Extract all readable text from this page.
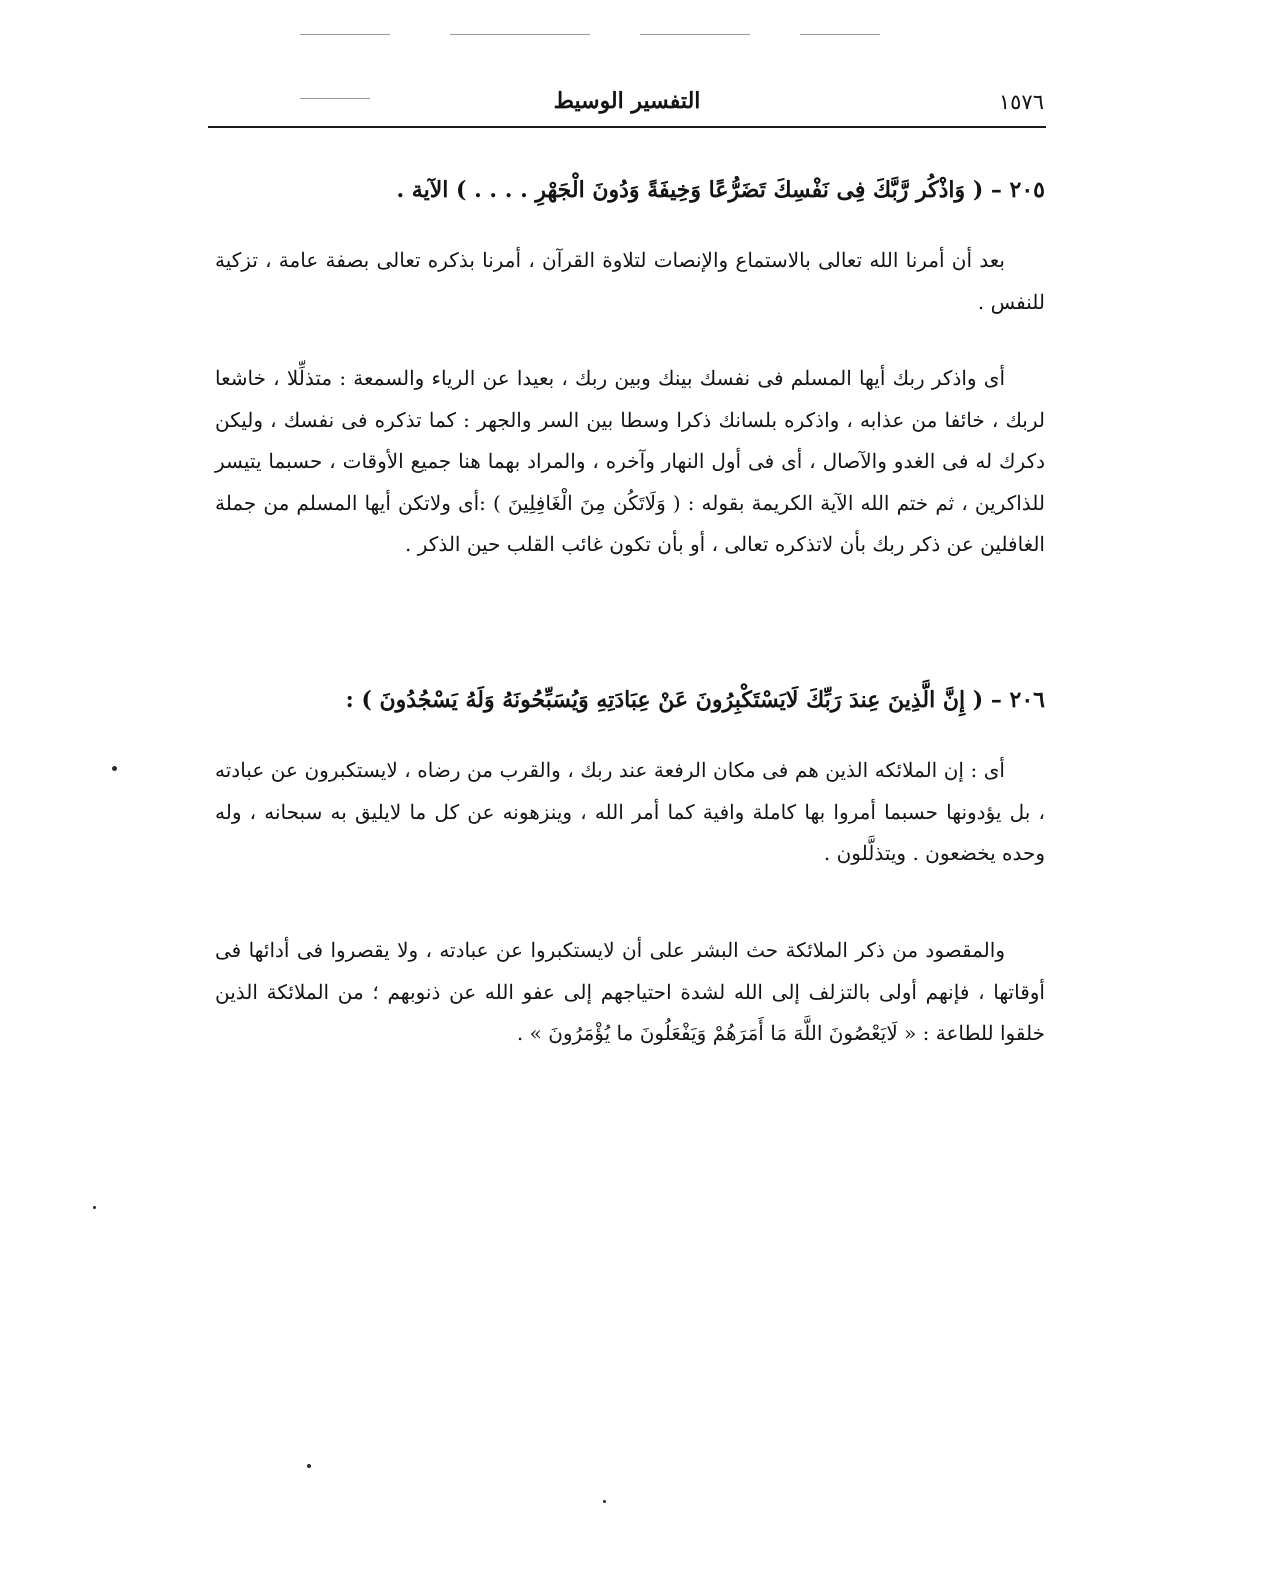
١٥٧٦
التفسير الوسيط
٢٠٥ – ( وَاذْكُر رَّبَّكَ فِى نَفْسِكَ تَضَرُّعًا وَخِيفَةً وَدُونَ الْجَهْرِ . . . . ) الآية .
بعد أن أمرنا الله تعالى بالاستماع والإنصات لتلاوة القرآن ، أمرنا بذكره تعالى بصفة عامة ، تزكية للنفس .
أى واذكر ربك أيها المسلم فى نفسك بينك وبين ربك ، بعيدا عن الرياء والسمعة : متذلِّلا ، خاشعا لربك ، خائفا من عذابه ، واذكره بلسانك ذكرا وسطا بين السر والجهر : كما تذكره فى نفسك ، وليكن دكرك له فى الغدو والآصال ، أى فى أول النهار وآخره ، والمراد بهما هنا جميع الأوقات ، حسبما يتيسر للذاكرين ، ثم ختم الله الآية الكريمة بقوله : ( وَلَاتَكُن مِنَ الْغَافِلِينَ ) :أى ولاتكن أيها المسلم من جملة الغافلين عن ذكر ربك بأن لاتذكره تعالى ، أو بأن تكون غائب القلب حين الذكر .
٢٠٦ – ( إِنَّ الَّذِينَ عِندَ رَبِّكَ لَايَسْتَكْبِرُونَ عَنْ عِبَادَتِهِ وَيُسَبِّحُونَهُ وَلَهُ يَسْجُدُونَ ) :
أى : إن الملائكه الذين هم فى مكان الرفعة عند ربك ، والقرب من رضاه ، لايستكبرون عن عبادته ، بل يؤدونها حسبما أمروا بها كاملة وافية كما أمر الله ، وينزهونه عن كل ما لايليق به سبحانه ، وله وحده يخضعون . ويتذلَّلون .
والمقصود من ذكر الملائكة حث البشر على أن لايستكبروا عن عبادته ، ولا يقصروا فى أدائها فى أوقاتها ، فإنهم أولى بالتزلف إلى الله لشدة احتياجهم إلى عفو الله عن ذنوبهم ؛ من الملائكة الذين خلقوا للطاعة : « لَايَعْصُونَ اللَّهَ مَا أَمَرَهُمْ وَيَفْعَلُونَ ما يُؤْمَرُونَ » .
